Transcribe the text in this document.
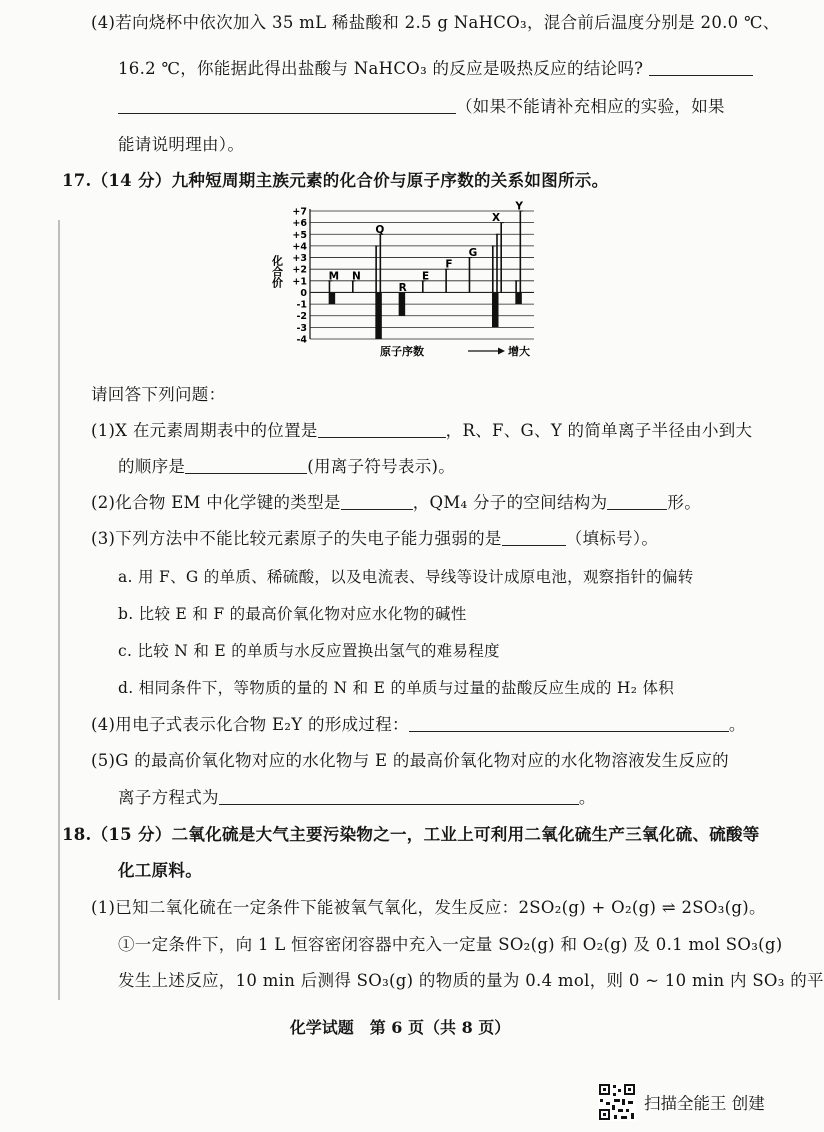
(4)若向烧杯中依次加入 35 mL 稀盐酸和 2.5 g NaHCO₃，混合前后温度分别是 20.0 ℃、
16.2 ℃，你能据此得出盐酸与 NaHCO₃ 的反应是吸热反应的结论吗?
（如果不能请补充相应的实验，如果
能请说明理由）。
17.（14 分）九种短周期主族元素的化合价与原子序数的关系如图所示。
+7
+6
+5
+4
+3
+2
+1
0
-1
-2
-3
-4
M N
Q
R
E
F
G
X
Y
化合价
原子序数	增大
请回答下列问题：
(1)X 在元素周期表中的位置是	，R、F、G、Y 的简单离子半径由小到大
的顺序是	(用离子符号表示)。
(2)化合物 EM 中化学键的类型是	，QM₄ 分子的空间结构为	形。
(3)下列方法中不能比较元素原子的失电子能力强弱的是	（填标号）。
a. 用 F、G 的单质、稀硫酸，以及电流表、导线等设计成原电池，观察指针的偏转
b. 比较 E 和 F 的最高价氧化物对应水化物的碱性
c. 比较 N 和 E 的单质与水反应置换出氢气的难易程度
d. 相同条件下，等物质的量的 N 和 E 的单质与过量的盐酸反应生成的 H₂ 体积
(4)用电子式表示化合物 E₂Y 的形成过程：	。
(5)G 的最高价氧化物对应的水化物与 E 的最高价氧化物对应的水化物溶液发生反应的
离子方程式为	。
18.（15 分）二氧化硫是大气主要污染物之一，工业上可利用二氧化硫生产三氧化硫、硫酸等
化工原料。
(1)已知二氧化硫在一定条件下能被氧气氧化，发生反应：2SO₂(g) + O₂(g) ⇌ 2SO₃(g)。
①一定条件下，向 1 L 恒容密闭容器中充入一定量 SO₂(g) 和 O₂(g) 及 0.1 mol SO₃(g)
发生上述反应，10 min 后测得 SO₃(g) 的物质的量为 0.4 mol，则 0 ~ 10 min 内 SO₃ 的平
化学试题　第 6 页（共 8 页）
扫描全能王 创建
